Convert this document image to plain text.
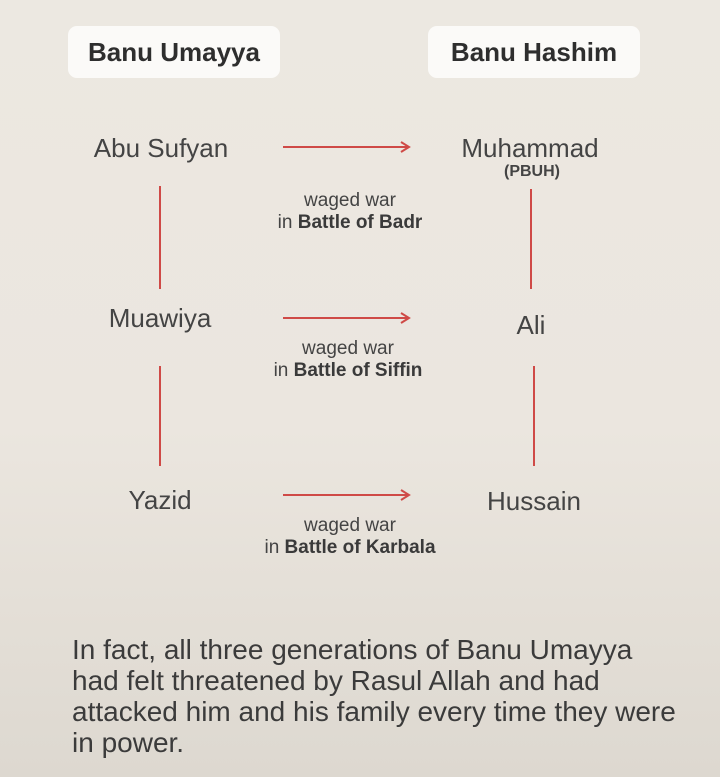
Banu Umayya	Banu Hashim
Abu Sufyan
Muawiya
Yazid
Muhammad
(PBUH)
Ali
Hussain
waged war
in Battle of Badr
waged war
in Battle of Siffin
waged war
in Battle of Karbala
In fact, all three generations of Banu Umayya had felt threatened by Rasul Allah and had attacked him and his family every time they were in power.
